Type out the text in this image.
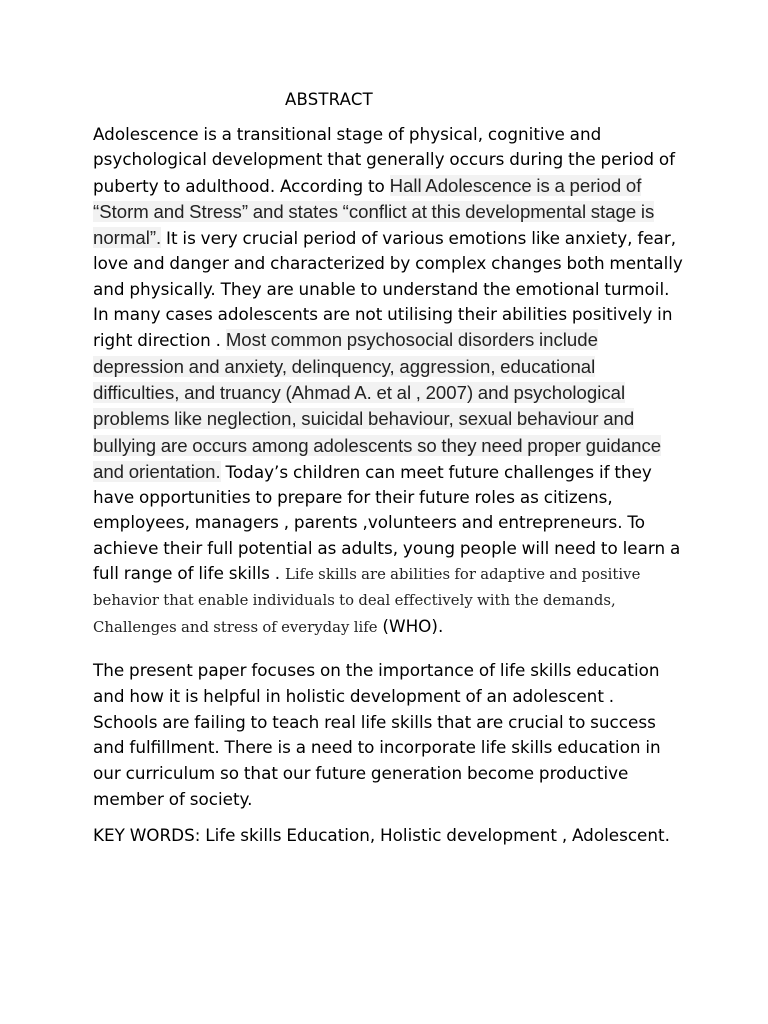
ABSTRACT
Adolescence is a transitional stage of physical, cognitive and psychological development that generally occurs during the period of puberty to adulthood. According to Hall Adolescence is a period of “Storm and Stress” and states “conflict at this developmental stage is normal”. It is very crucial period of various emotions like anxiety, fear, love and danger and characterized by complex changes both mentally and physically. They are unable to understand the emotional turmoil. In many cases adolescents are not utilising their abilities positively in right direction . Most common psychosocial disorders include depression and anxiety, delinquency, aggression, educational difficulties, and truancy (Ahmad A. et al , 2007) and psychological problems like neglection, suicidal behaviour, sexual behaviour and bullying are occurs among adolescents so they need proper guidance and orientation. Today’s children can meet future challenges if they have opportunities to prepare for their future roles as citizens, employees, managers , parents ,volunteers and entrepreneurs. To achieve their full potential as adults, young people will need to learn a full range of life skills . Life skills are abilities for adaptive and positive behavior that enable individuals to deal effectively with the demands, Challenges and stress of everyday life (WHO).
The present paper focuses on the importance of life skills education and how it is helpful in holistic development of an adolescent . Schools are failing to teach real life skills that are crucial to success and fulfillment. There is a need to incorporate life skills education in our curriculum so that our future generation become productive member of society.
KEY WORDS: Life skills Education, Holistic development , Adolescent.
